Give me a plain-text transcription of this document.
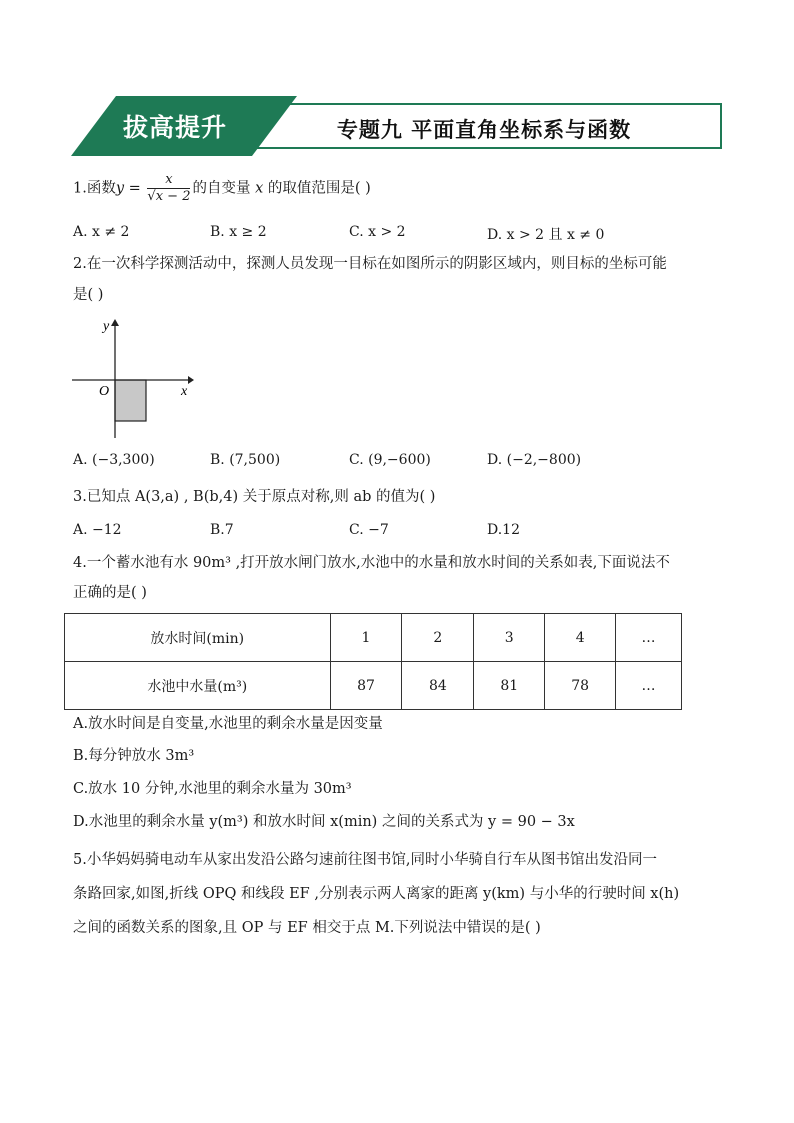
专题九 平面直角坐标系与函数
拔高提升
1.函数$y = \frac{x}{√x - 2}$ 的自变量 x 的取值范围是( )
A. x ≠ 2	B. x ≥ 2	C. x > 2	D. x > 2 且 x ≠ 0
2.在一次科学探测活动中，探测人员发现一目标在如图所示的阴影区域内，则目标的坐标可能
是( )
y
x
O
A. (−3,300)	B. (7,500)	C. (9,−600)	D. (−2,−800)
3.已知点 A(3,a) , B(b,4) 关于原点对称,则 ab 的值为( )
A. −12	B.7	C. −7	D.12
4.一个蓄水池有水 90m³ ,打开放水闸门放水,水池中的水量和放水时间的关系如表,下面说法不
正确的是( )
放水时间(min)	1	2	3	4	…
水池中水量(m³)	87	84	81	78	…
A.放水时间是自变量,水池里的剩余水量是因变量
B.每分钟放水 3m³
C.放水 10 分钟,水池里的剩余水量为 30m³
D.水池里的剩余水量 y(m³) 和放水时间 x(min) 之间的关系式为 y = 90 − 3x
5.小华妈妈骑电动车从家出发沿公路匀速前往图书馆,同时小华骑自行车从图书馆出发沿同一
条路回家,如图,折线 OPQ 和线段 EF ,分别表示两人离家的距离 y(km) 与小华的行驶时间 x(h)
之间的函数关系的图象,且 OP 与 EF 相交于点 M.下列说法中错误的是( )
